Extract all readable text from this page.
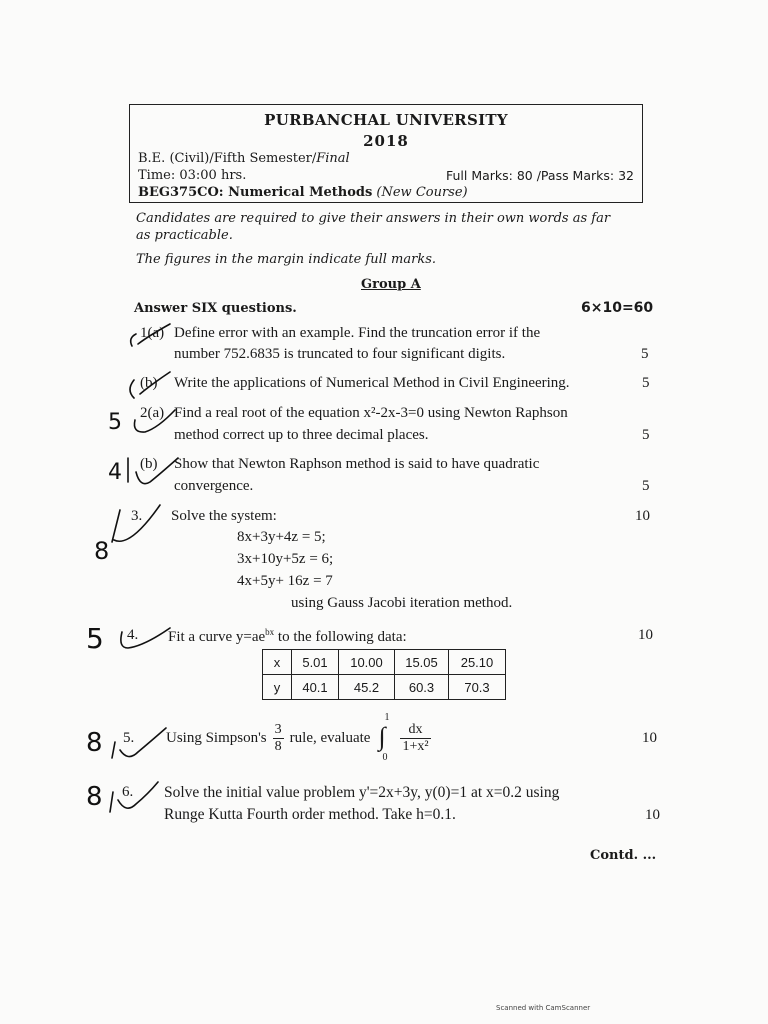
PURBANCHAL UNIVERSITY
2018
B.E. (Civil)/Fifth Semester/Final
Time: 03:00 hrs.	Full Marks: 80 /Pass Marks: 32
BEG375CO: Numerical Methods (New Course)
Candidates are required to give their answers in their own words as far
as practicable.
The figures in the margin indicate full marks.
Group A
Answer SIX questions.	6×10=60
1(a) Define error with an example. Find the truncation error if the
number 752.6835 is truncated to four significant digits.	5
(b) Write the applications of Numerical Method in Civil Engineering.	5
2(a) Find a real root of the equation x²-2x-3=0 using Newton Raphson
method correct up to three decimal places.	5
(b) Show that Newton Raphson method is said to have quadratic
convergence.	5
3. Solve the system:	10
8x+3y+4z = 5;
3x+10y+5z = 6;
4x+5y+ 16z = 7
using Gauss Jacobi iteration method.
4. Fit a curve $y=ae^{bx}$ to the following data:	10
x	5.01	10.00	15.05	25.10
y	40.1	45.2	60.3	70.3
5. Using Simpson's $\frac{3}{8}$ rule, evaluate ∫
1
0
$\frac{dx}{\text{1+x²}}$	10
6. Solve the initial value problem y'=2x+3y, y(0)=1 at x=0.2 using
Runge Kutta Fourth order method. Take h=0.1.	10
Contd. ...
Scanned with CamScanner
5
4
8
5
8
8
